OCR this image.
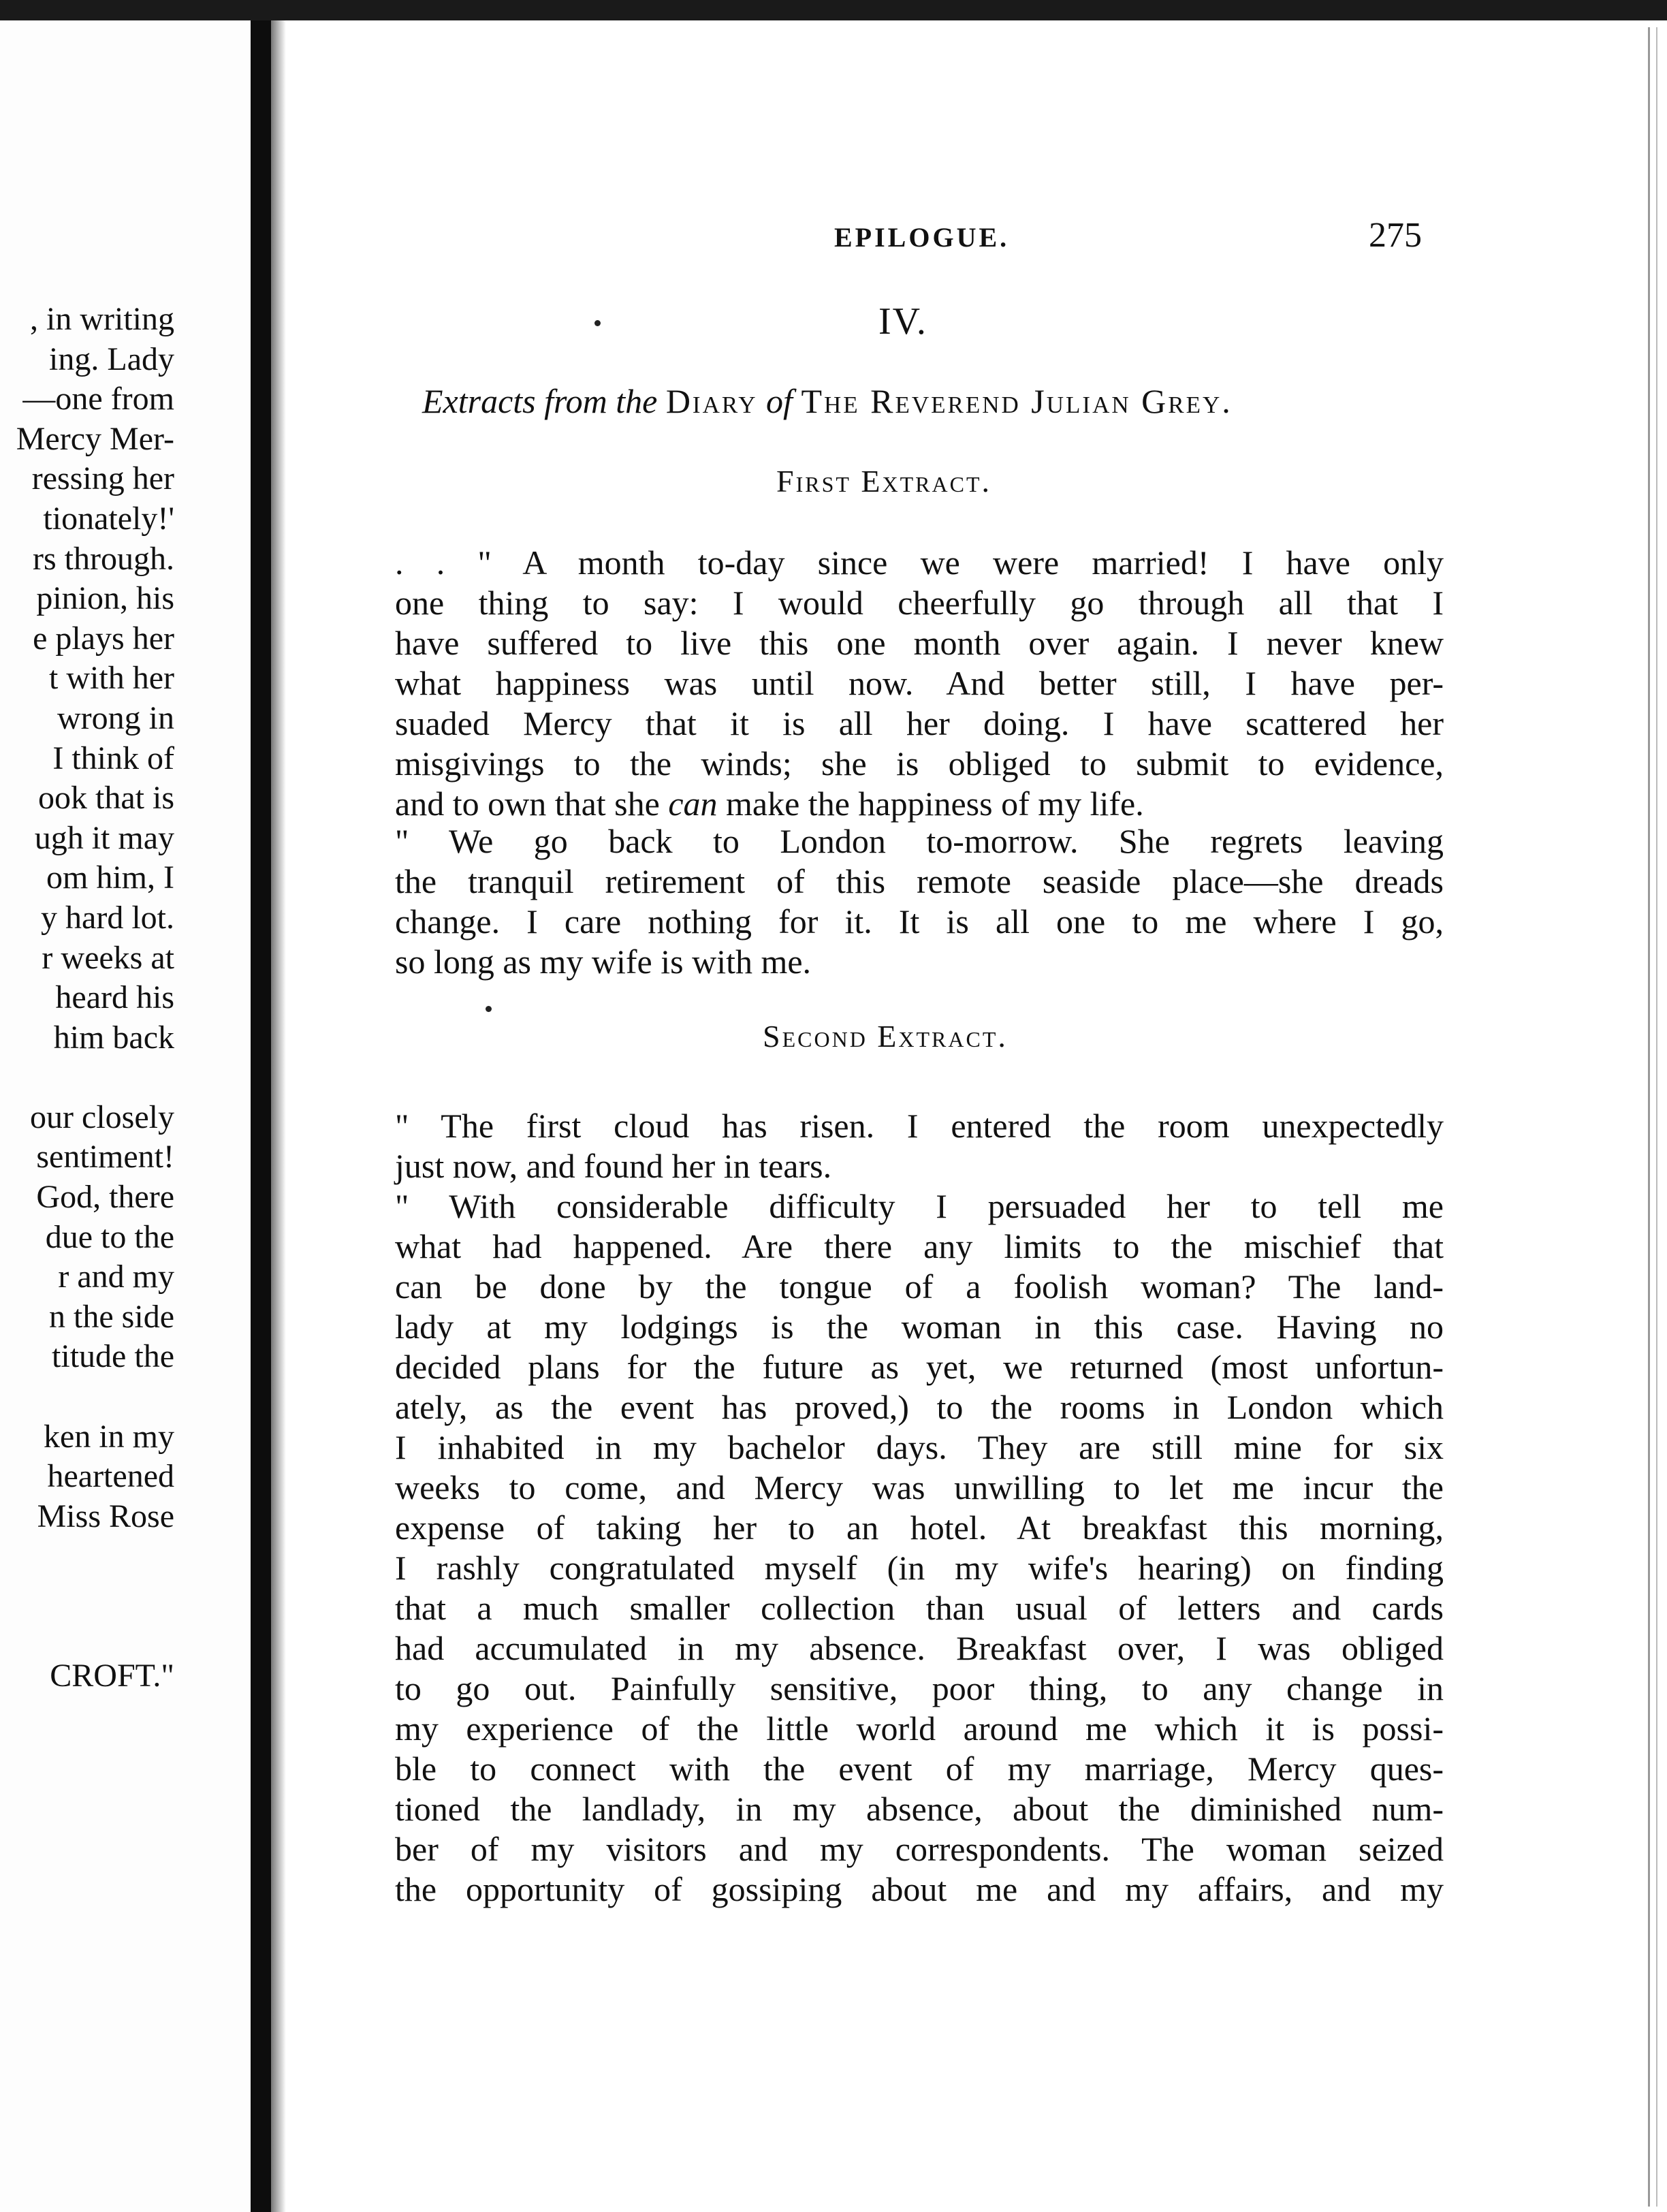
, in writing
ing. Lady
—one from
Mercy Mer-
ressing her
tionately!'
rs through.
pinion, his
e plays her
t with her
wrong in
I think of
ook that is
ugh it may
om him, I
y hard lot.
r weeks at
heard his
him back
our closely
sentiment!
God, there
due to the
r and my
n the side
titude the
ken in my
heartened
Miss Rose
CROFT."
EPILOGUE.	275
IV.
Extracts from the Diary of The Reverend Julian Grey.
First Extract.
. . " A month to-day since we were married! I have only
one thing to say: I would cheerfully go through all that I
have suffered to live this one month over again. I never knew
what happiness was until now. And better still, I have per-
suaded Mercy that it is all her doing. I have scattered her
misgivings to the winds; she is obliged to submit to evidence,
and to own that she can make the happiness of my life.
" We go back to London to-morrow. She regrets leaving
the tranquil retirement of this remote seaside place—she dreads
change. I care nothing for it. It is all one to me where I go,
so long as my wife is with me.
Second Extract.
" The first cloud has risen. I entered the room unexpectedly
just now, and found her in tears.
" With considerable difficulty I persuaded her to tell me
what had happened. Are there any limits to the mischief that
can be done by the tongue of a foolish woman? The land-
lady at my lodgings is the woman in this case. Having no
decided plans for the future as yet, we returned (most unfortun-
ately, as the event has proved,) to the rooms in London which
I inhabited in my bachelor days. They are still mine for six
weeks to come, and Mercy was unwilling to let me incur the
expense of taking her to an hotel. At breakfast this morning,
I rashly congratulated myself (in my wife's hearing) on finding
that a much smaller collection than usual of letters and cards
had accumulated in my absence. Breakfast over, I was obliged
to go out. Painfully sensitive, poor thing, to any change in
my experience of the little world around me which it is possi-
ble to connect with the event of my marriage, Mercy ques-
tioned the landlady, in my absence, about the diminished num-
ber of my visitors and my correspondents. The woman seized
the opportunity of gossiping about me and my affairs, and my
